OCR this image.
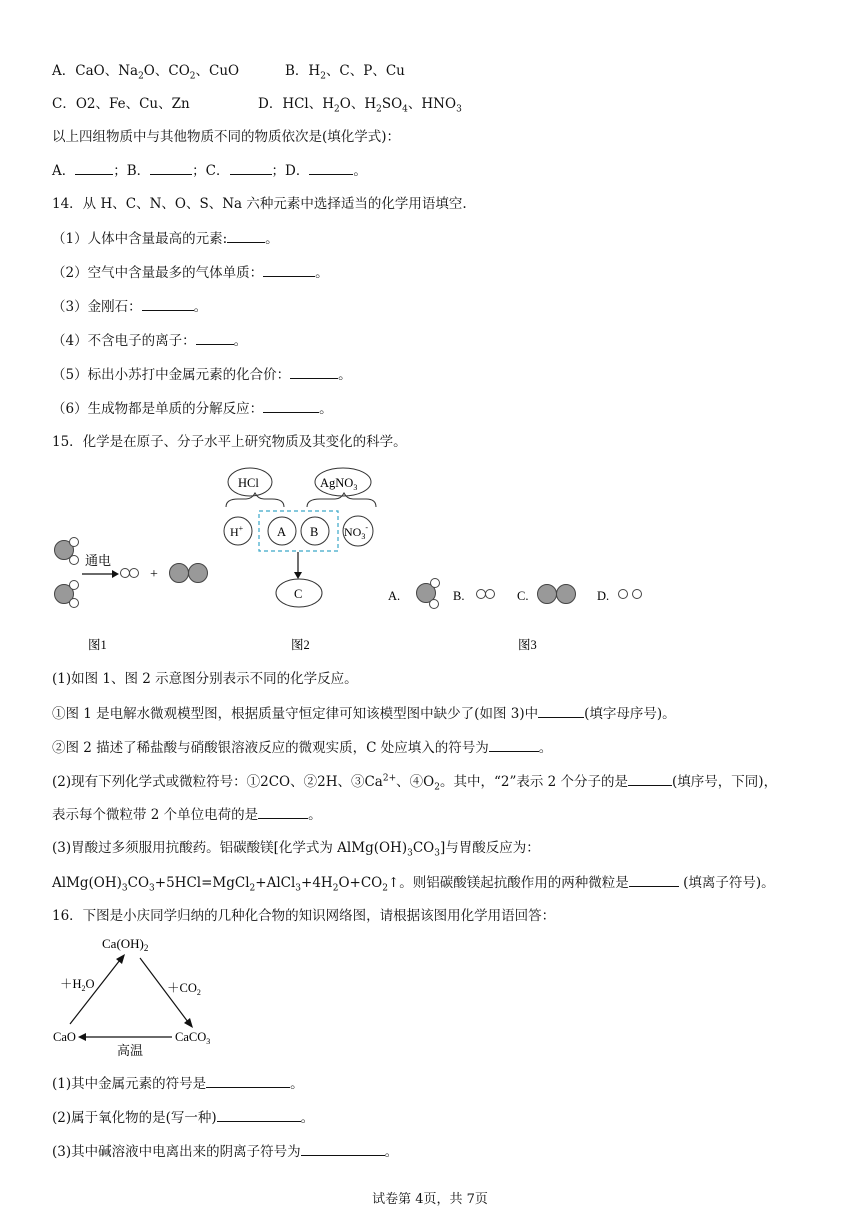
A．CaO、$Na_2O$、$CO_2$、CuO	B．$H_2$、C、P、Cu
C．O2、Fe、Cu、Zn	D．HCl、$H_2O$、$H_2SO_4$、$HNO_3$
以上四组物质中与其他物质不同的物质依次是(填化学式)：
A．	；B．	；C．	；D．	。
14．从 H、C、N、O、S、Na 六种元素中选择适当的化学用语填空.
（1）人体中含量最高的元素:	。
（2）空气中含量最多的气体单质：	。
（3）金刚石：	。
（4）不含电子的离子：	。
（5）标出小苏打中金属元素的化合价：	。
（6）生成物都是单质的分解反应：	。
15．化学是在原子、分子水平上研究物质及其变化的科学。
通电
+
图1
HCl	AgNO$_3$
H+	A B $NO_3^-$
C
图2
A.	B.	C.	D.
图3
(1)如图 1、图 2 示意图分别表示不同的化学反应。
①图 1 是电解水微观模型图，根据质量守恒定律可知该模型图中缺少了(如图 3)中	(填字母序号)。
②图 2 描述了稀盐酸与硝酸银溶液反应的微观实质，C 处应填入的符号为	。
(2)现有下列化学式或微粒符号：①2CO、②2H、$③Ca^{2+}$、$④O_2$。其中，“2”表示 2 个分子的是	(填序号，下同)，
表示每个微粒带 2 个单位电荷的是	。
(3)胃酸过多须服用抗酸药。铝碳酸镁[化学式为 $AlMg(OH)_3CO_3$]与胃酸反应为：
$AlMg(OH)_3CO_3+5HCl=MgCl_2+AlCl_3+4H_2O+CO_2↑$。则铝碳酸镁起抗酸作用的两种微粒是	(填离子符号)。
16．下图是小庆同学归纳的几种化合物的知识网络图，请根据该图用化学用语回答：
$Ca(OH)_2$
$+H_2O$	$+CO_2$
CaO	CaCO$_3$
高温
(1)其中金属元素的符号是	。
(2)属于氧化物的是(写一种)	。
(3)其中碱溶液中电离出来的阴离子符号为	。
试卷第 4页，共 7页
